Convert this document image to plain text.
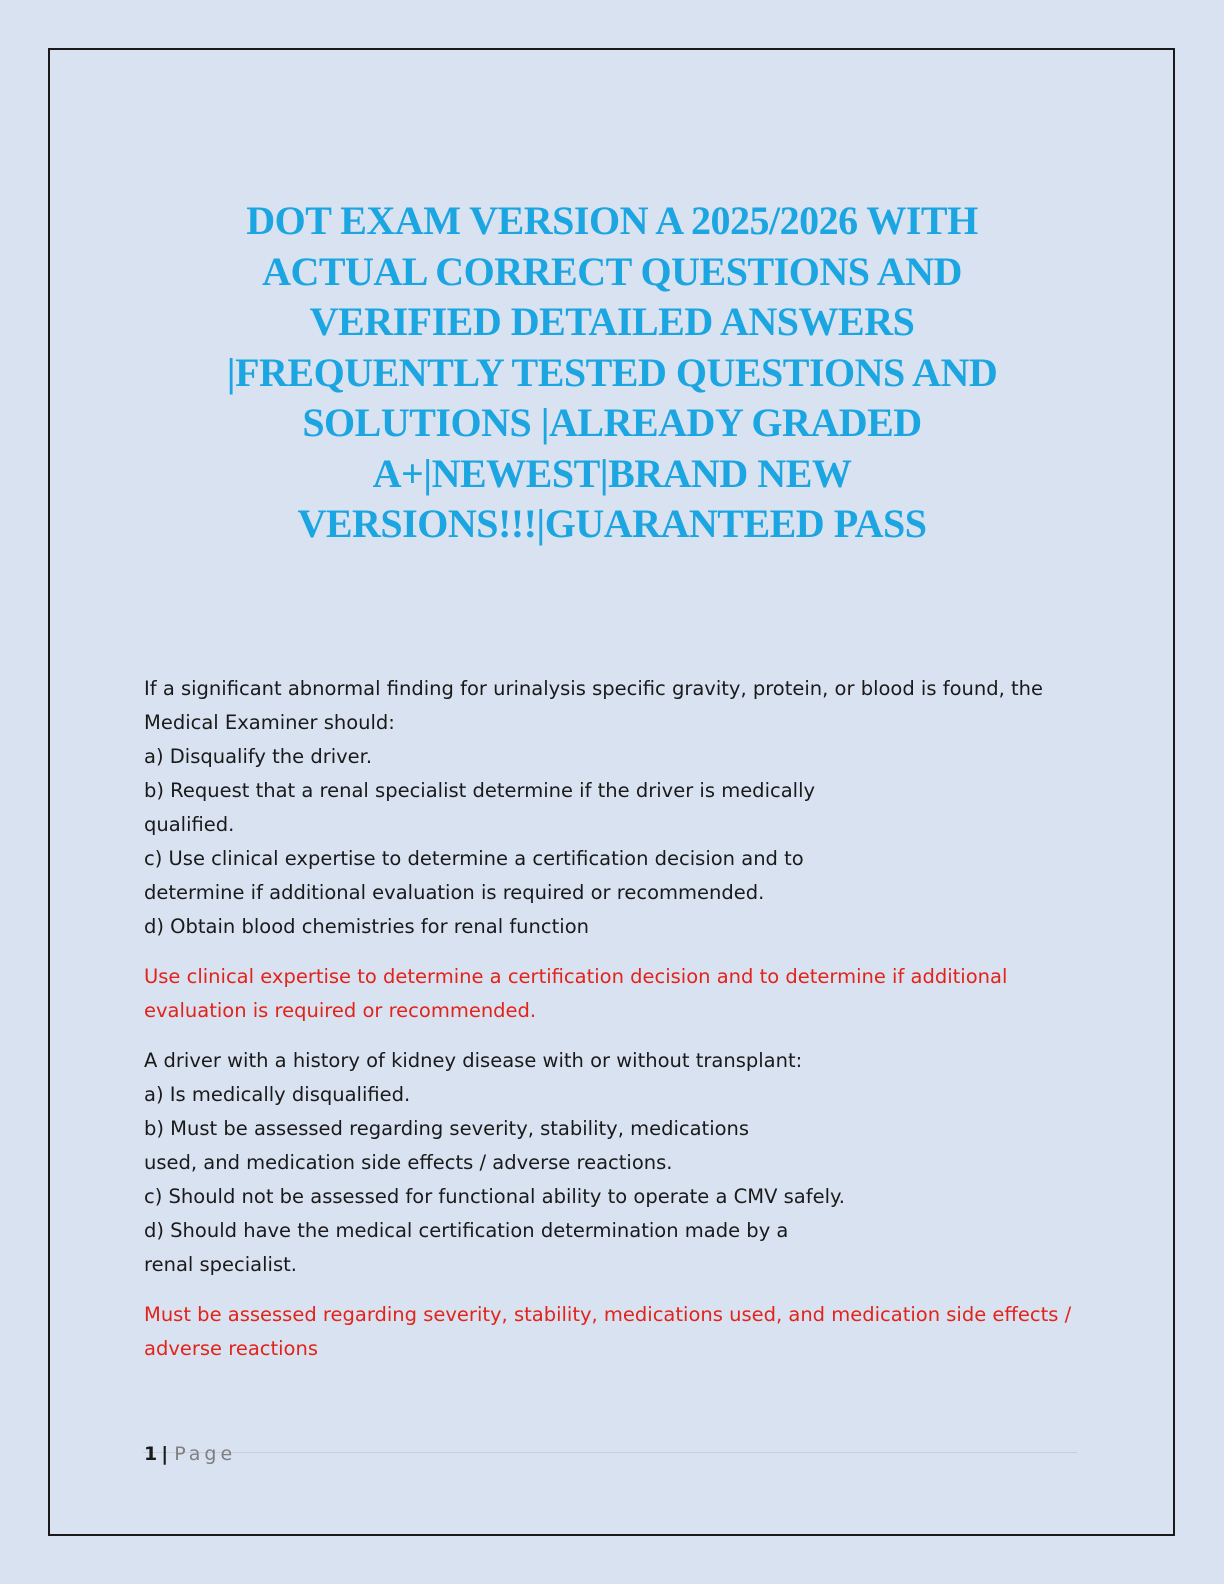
DOT EXAM VERSION A 2025/2026 WITH
ACTUAL CORRECT QUESTIONS AND
VERIFIED DETAILED ANSWERS
|FREQUENTLY TESTED QUESTIONS AND
SOLUTIONS |ALREADY GRADED
A+|NEWEST|BRAND NEW
VERSIONS!!!|GUARANTEED PASS
If a significant abnormal finding for urinalysis specific gravity, protein, or blood is found, the
Medical Examiner should:
a) Disqualify the driver.
b) Request that a renal specialist determine if the driver is medically
qualified.
c) Use clinical expertise to determine a certification decision and to
determine if additional evaluation is required or recommended.
d) Obtain blood chemistries for renal function
Use clinical expertise to determine a certification decision and to determine if additional
evaluation is required or recommended.
A driver with a history of kidney disease with or without transplant:
a) Is medically disqualified.
b) Must be assessed regarding severity, stability, medications
used, and medication side effects / adverse reactions.
c) Should not be assessed for functional ability to operate a CMV safely.
d) Should have the medical certification determination made by a
renal specialist.
Must be assessed regarding severity, stability, medications used, and medication side effects /
adverse reactions
1 | Page
